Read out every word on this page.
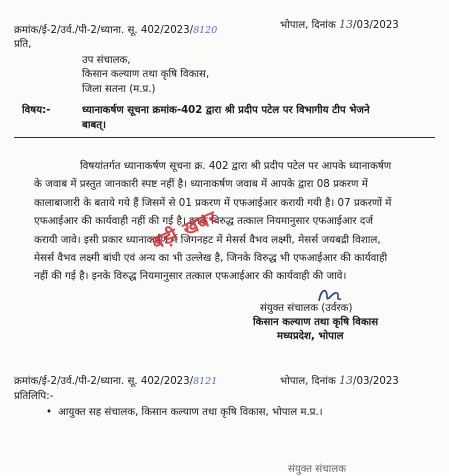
क्रमांक/ई-2/उर्व./पी-2/ध्याना. सू. 402/2023/8120	भोपाल, दिनांक 13/03/2023
प्रति,
उप संचालक,
किसान कल्याण तथा कृषि विकास,
जिला सतना (म.प्र.)
विषय:-	ध्यानाकर्षण सूचना क्रमांक-402 द्वारा श्री प्रदीप पटेल पर विभागीय टीप भेजने
बाबत्।
विषयांतर्गत ध्यानाकर्षण सूचना क्र. 402 द्वारा श्री प्रदीप पटेल पर आपके ध्यानाकर्षण
के जवाब में प्रस्तुत जानकारी स्पष्ट नहीं है। ध्यानाकर्षण जवाब में आपके द्वारा 08 प्रकरण में
कालाबाजारी के बताये गये हैं जिसमें से 01 प्रकरण में एफआईआर करायी गयी है। 07 प्रकरणों में
एफआईआर की कार्यवाही नहीं की गई है। इनके विरुद्ध तत्काल नियमानुसार एफआईआर दर्ज
करायी जावे। इसी प्रकार ध्यानाकर्षण में जिगनहट में मेसर्स वैभव लक्ष्मी, मेसर्स जयबद्री विशाल,
मेसर्स वैभव लक्ष्मी बांधी एवं अन्य का भी उल्लेख है, जिनके विरुद्ध भी एफआईआर की कार्यवाही
नहीं की गई है। इनके विरुद्ध नियमानुसार तत्काल एफआईआर की कार्यवाही की जावे।
बड़ी खबर
संयुक्त संचालक (उर्वरक)
किसान कल्याण तथा कृषि विकास
मध्यप्रदेश, भोपाल
क्रमांक/ई-2/उर्व./पी-2/ध्याना. सू. 402/2023/8121	भोपाल, दिनांक 13/03/2023
प्रतिलिपि:-
• आयुक्त सह संचालक, किसान कल्याण तथा कृषि विकास, भोपाल म.प्र.।
संयुक्त संचालक
